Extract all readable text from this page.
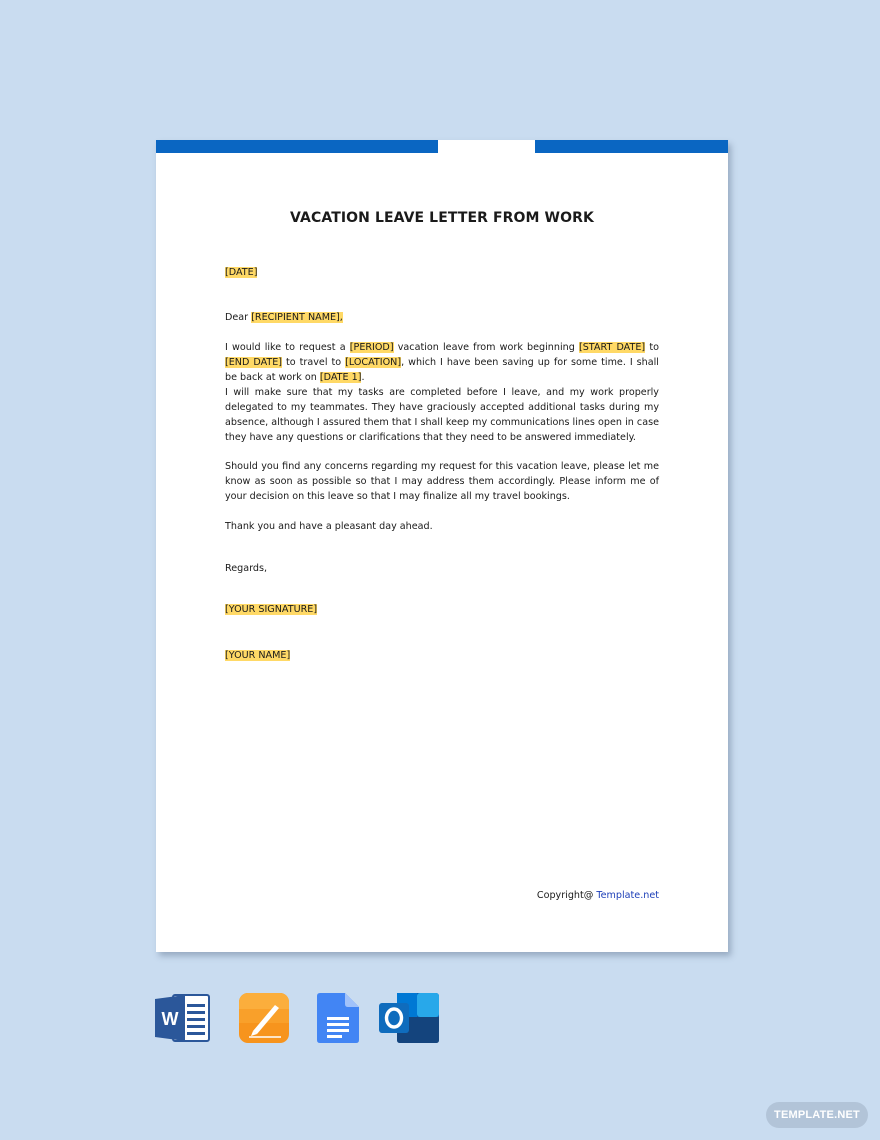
VACATION LEAVE LETTER FROM WORK

[DATE]

Dear [RECIPIENT NAME],

I would like to request a [PERIOD] vacation leave from work beginning [START DATE] to [END DATE] to travel to [LOCATION], which I have been saving up for some time. I shall be back at work on [DATE 1].

I will make sure that my tasks are completed before I leave, and my work properly delegated to my teammates. They have graciously accepted additional tasks during my absence, although I assured them that I shall keep my communications lines open in case they have any questions or clarifications that they need to be answered immediately.

Should you find any concerns regarding my request for this vacation leave, please let me know as soon as possible so that I may address them accordingly. Please inform me of your decision on this leave so that I may finalize all my travel bookings.

Thank you and have a pleasant day ahead.

Regards,

[YOUR SIGNATURE]

[YOUR NAME]

Copyright@ Template.net
W
TEMPLATE.NET
